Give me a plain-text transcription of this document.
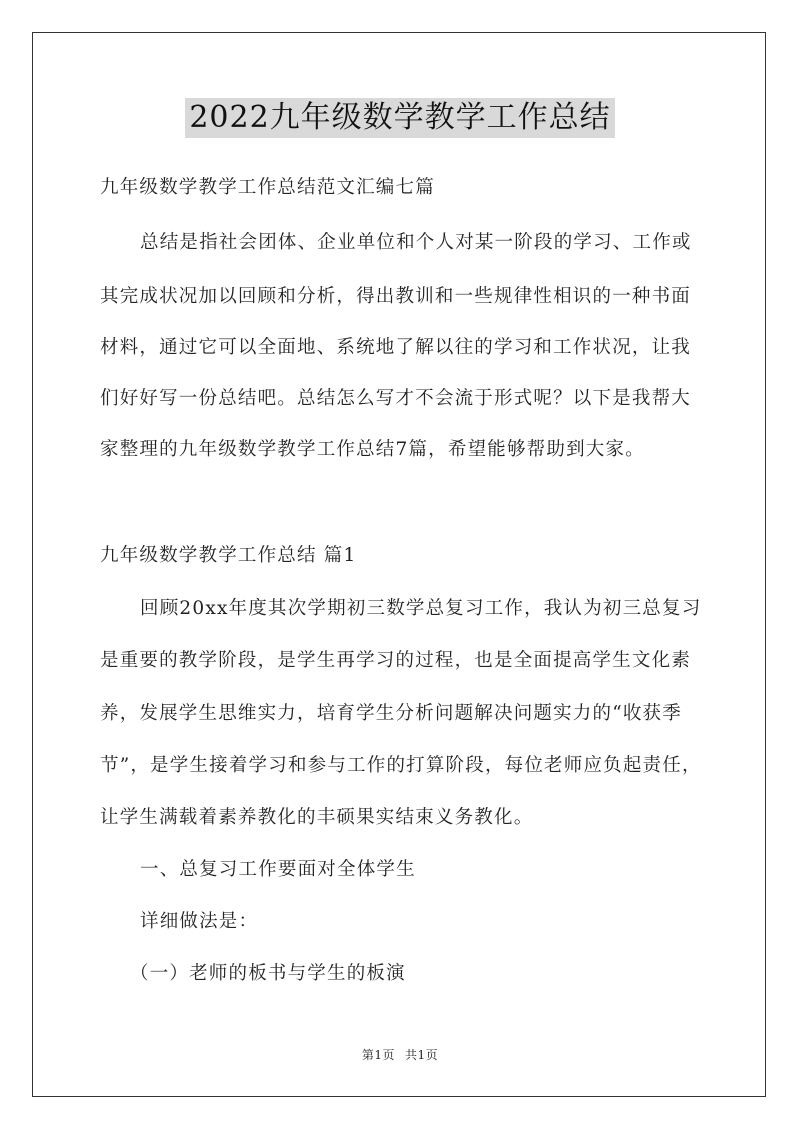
2022九年级数学教学工作总结
九年级数学教学工作总结范文汇编七篇
总结是指社会团体、企业单位和个人对某一阶段的学习、工作或
其完成状况加以回顾和分析，得出教训和一些规律性相识的一种书面
材料，通过它可以全面地、系统地了解以往的学习和工作状况，让我
们好好写一份总结吧。总结怎么写才不会流于形式呢？以下是我帮大
家整理的九年级数学教学工作总结7篇，希望能够帮助到大家。
九年级数学教学工作总结 篇1
回顾20xx年度其次学期初三数学总复习工作，我认为初三总复习
是重要的教学阶段，是学生再学习的过程，也是全面提高学生文化素
养，发展学生思维实力，培育学生分析问题解决问题实力的“收获季
节”，是学生接着学习和参与工作的打算阶段，每位老师应负起责任，
让学生满载着素养教化的丰硕果实结束义务教化。
一、总复习工作要面对全体学生
详细做法是：
（一）老师的板书与学生的板演
第1页 共1页
